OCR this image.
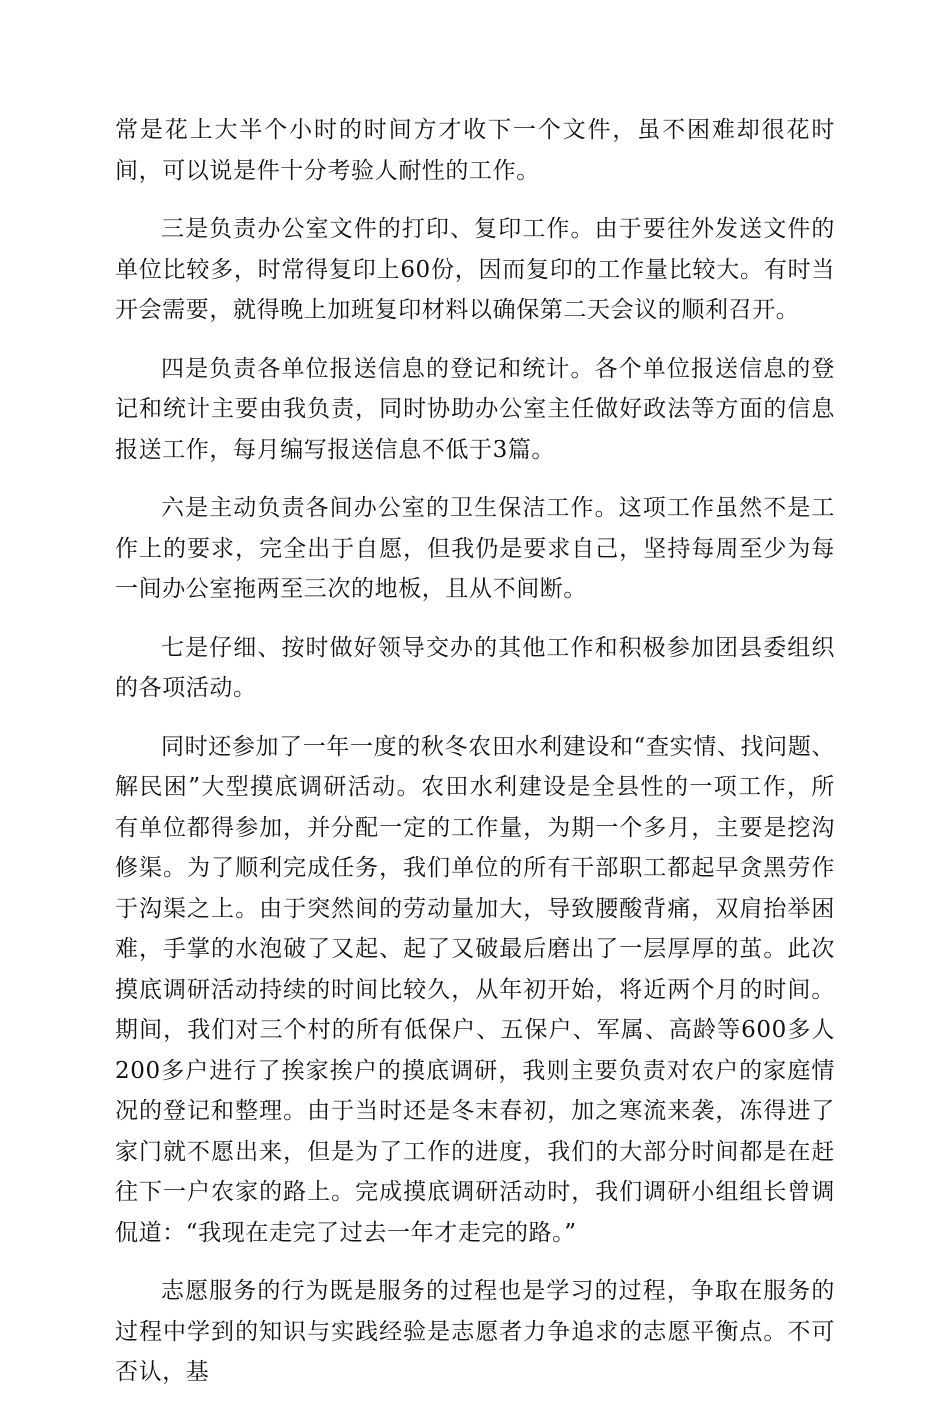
常是花上大半个小时的时间方才收下一个文件，虽不困难却很花时间，可以说是件十分考验人耐性的工作。

三是负责办公室文件的打印、复印工作。由于要往外发送文件的单位比较多，时常得复印上60份，因而复印的工作量比较大。有时当开会需要，就得晚上加班复印材料以确保第二天会议的顺利召开。

四是负责各单位报送信息的登记和统计。各个单位报送信息的登记和统计主要由我负责，同时协助办公室主任做好政法等方面的信息报送工作，每月编写报送信息不低于3篇。

六是主动负责各间办公室的卫生保洁工作。这项工作虽然不是工作上的要求，完全出于自愿，但我仍是要求自己，坚持每周至少为每一间办公室拖两至三次的地板，且从不间断。

七是仔细、按时做好领导交办的其他工作和积极参加团县委组织的各项活动。

同时还参加了一年一度的秋冬农田水利建设和“查实情、找问题、解民困”大型摸底调研活动。农田水利建设是全县性的一项工作，所有单位都得参加，并分配一定的工作量，为期一个多月，主要是挖沟修渠。为了顺利完成任务，我们单位的所有干部职工都起早贪黑劳作于沟渠之上。由于突然间的劳动量加大，导致腰酸背痛，双肩抬举困难，手掌的水泡破了又起、起了又破最后磨出了一层厚厚的茧。此次摸底调研活动持续的时间比较久，从年初开始，将近两个月的时间。期间，我们对三个村的所有低保户、五保户、军属、高龄等600多人200多户进行了挨家挨户的摸底调研，我则主要负责对农户的家庭情况的登记和整理。由于当时还是冬末春初，加之寒流来袭，冻得进了家门就不愿出来，但是为了工作的进度，我们的大部分时间都是在赶往下一户农家的路上。完成摸底调研活动时，我们调研小组组长曾调侃道：“我现在走完了过去一年才走完的路。”

志愿服务的行为既是服务的过程也是学习的过程，争取在服务的过程中学到的知识与实践经验是志愿者力争追求的志愿平衡点。不可否认，基
